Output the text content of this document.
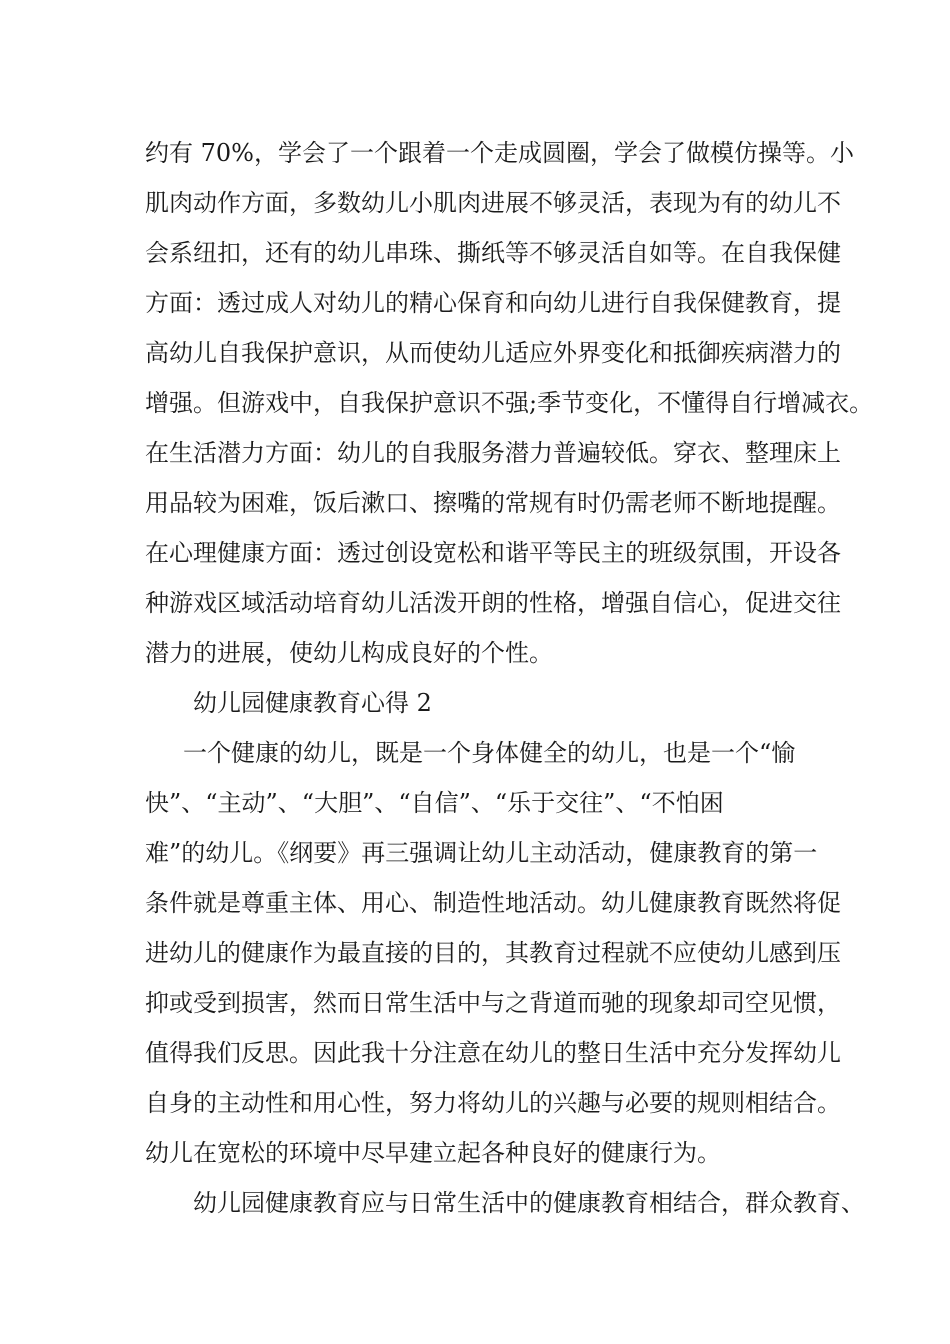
约有 70%，学会了一个跟着一个走成圆圈，学会了做模仿操等。小
肌肉动作方面，多数幼儿小肌肉进展不够灵活，表现为有的幼儿不
会系纽扣，还有的幼儿串珠、撕纸等不够灵活自如等。在自我保健
方面：透过成人对幼儿的精心保育和向幼儿进行自我保健教育，提
高幼儿自我保护意识，从而使幼儿适应外界变化和抵御疾病潜力的
增强。但游戏中，自我保护意识不强;季节变化，不懂得自行增减衣。
在生活潜力方面：幼儿的自我服务潜力普遍较低。穿衣、整理床上
用品较为困难，饭后漱口、擦嘴的常规有时仍需老师不断地提醒。
在心理健康方面：透过创设宽松和谐平等民主的班级氛围，开设各
种游戏区域活动培育幼儿活泼开朗的性格，增强自信心，促进交往
潜力的进展，使幼儿构成良好的个性。
幼儿园健康教育心得 2
一个健康的幼儿，既是一个身体健全的幼儿，也是一个“愉
快”、“主动”、“大胆”、“自信”、“乐于交往”、“不怕困
难”的幼儿。《纲要》再三强调让幼儿主动活动，健康教育的第一
条件就是尊重主体、用心、制造性地活动。幼儿健康教育既然将促
进幼儿的健康作为最直接的目的，其教育过程就不应使幼儿感到压
抑或受到损害，然而日常生活中与之背道而驰的现象却司空见惯，
值得我们反思。因此我十分注意在幼儿的整日生活中充分发挥幼儿
自身的主动性和用心性，努力将幼儿的兴趣与必要的规则相结合。
幼儿在宽松的环境中尽早建立起各种良好的健康行为。
幼儿园健康教育应与日常生活中的健康教育相结合，群众教育、
